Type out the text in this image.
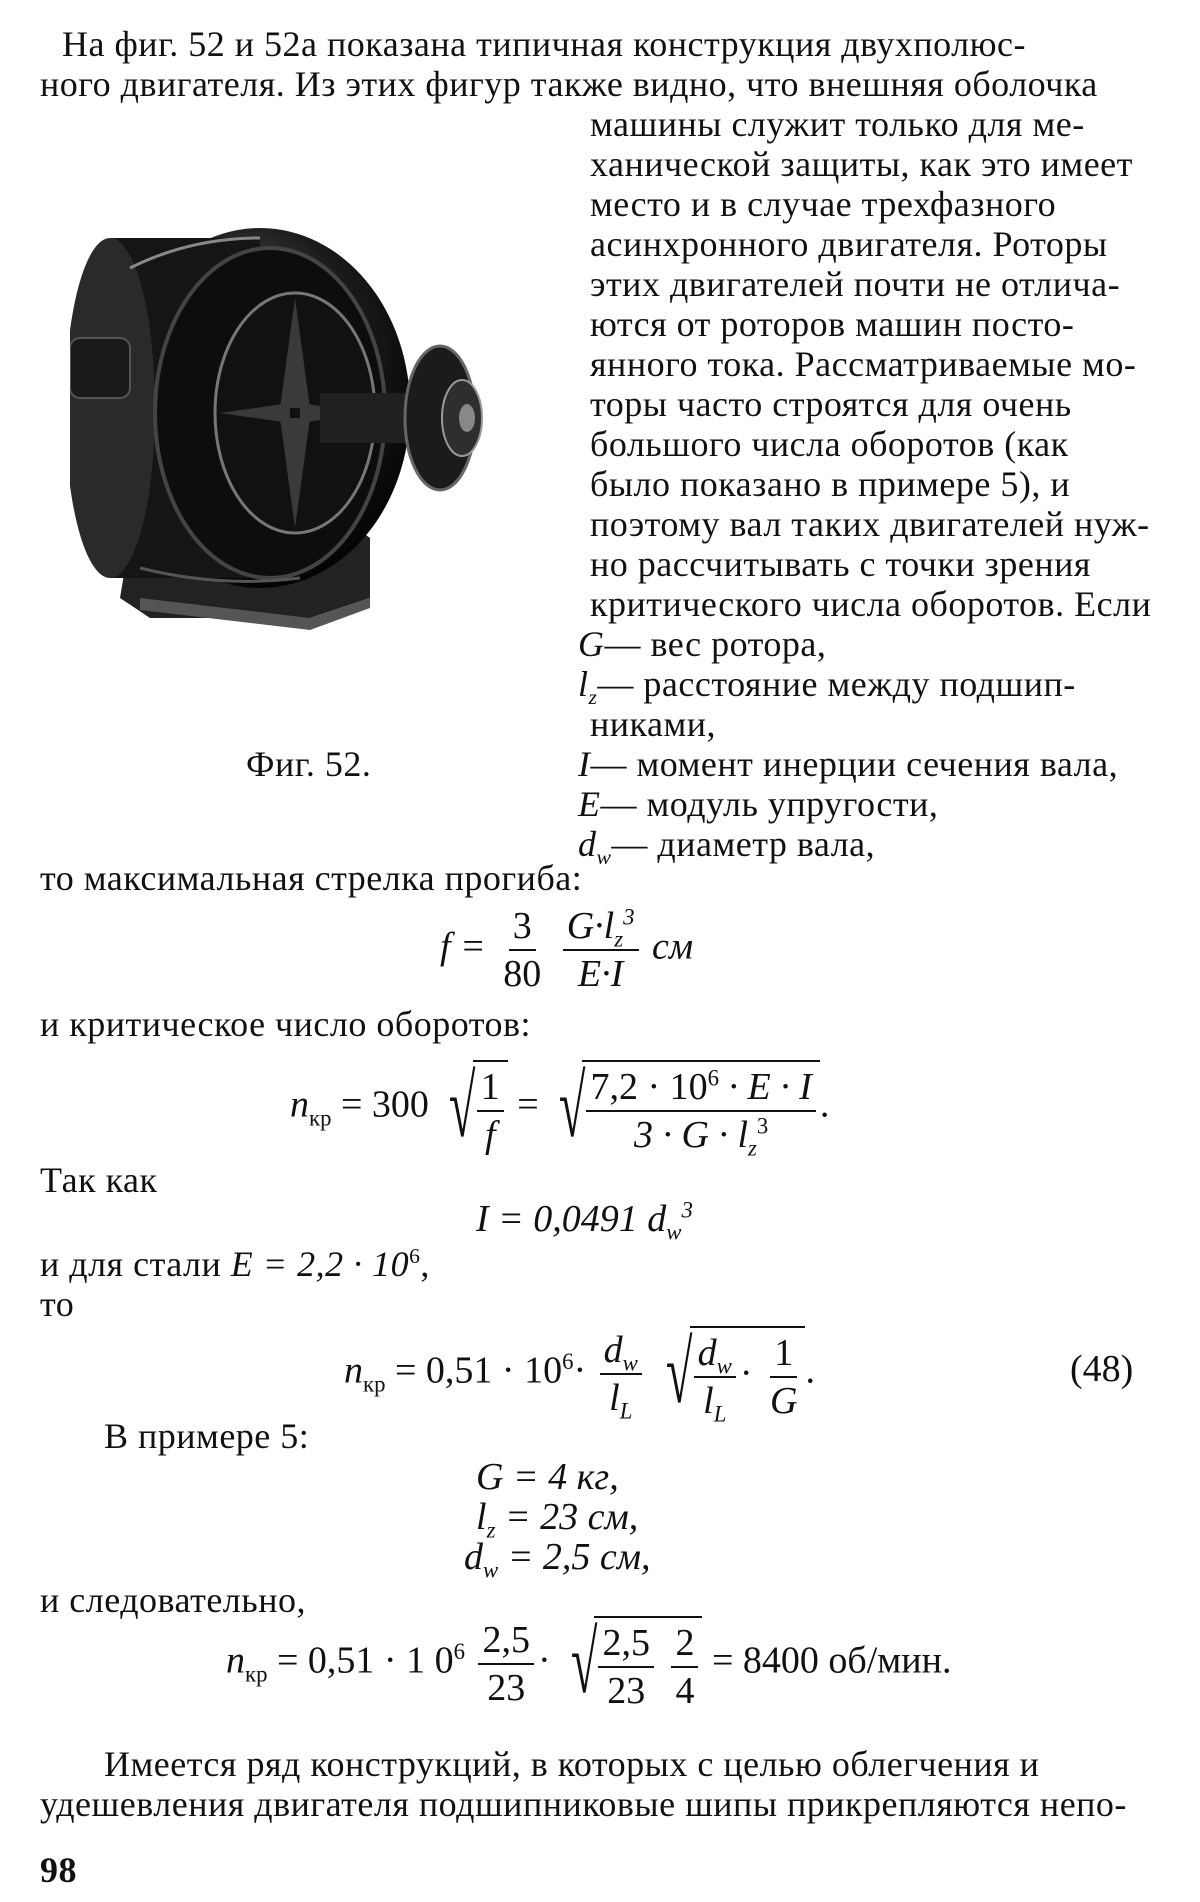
На фиг. 52 и 52а показана типичная конструкция двухполюс-
ного двигателя. Из этих фигур также видно, что внешняя оболочка
машины служит только для ме-
ханической защиты, как это имеет
место и в случае трехфазного
асинхронного двигателя. Роторы
этих двигателей почти не отлича-
ются от роторов машин посто-
янного тока. Рассматриваемые мо-
торы часто строятся для очень
большого числа оборотов (как
было показано в примере 5), и
поэтому вал таких двигателей нуж-
но рассчитывать с точки зрения
критического числа оборотов. Если
G— вес ротора,
$l_z—$ расстояние между подшип-
никами,
I— момент инерции сечения вала,
E— модуль упругости,
$d_w—$ диаметр вала,
Фиг. 52.
то максимальная стрелка прогиба:
$f = \frac{3}{80}$
$\frac{G\cdot l_z^3}{E\cdot I}$ см
и критическое число оборотов:
$n_{кр} = 300$ √ $\frac{1}{f}$ = √ $\frac{7,2 \cdot 10^6 \cdot E \cdot I}{3 \cdot G \cdot l_z^3}$ .
Так как
I = 0,0491 $d_w^3$
и для стали $E = 2,2 \cdot 10^6$,
то
$n_{кр} = 0,51 \cdot 10^6\cdot \frac{d_w}{l_L}$ √ $\frac{d_w}{l_L} \cdot \frac{1}{G}$ .	(48)
В примере 5:
G = 4 кг,
$l_z = 23$ см,
$d_w = 2,5$ см,
и следовательно,
$n_{кр} = 0,51 \cdot 1$ $0^6 \frac{2,5}{23}$ · √ $\frac{2,5}{23}$
$\frac{2}{4} = 8400$ об/мин.
Имеется ряд конструкций, в которых с целью облегчения и
удешевления двигателя подшипниковые шипы прикрепляются непо-
98
